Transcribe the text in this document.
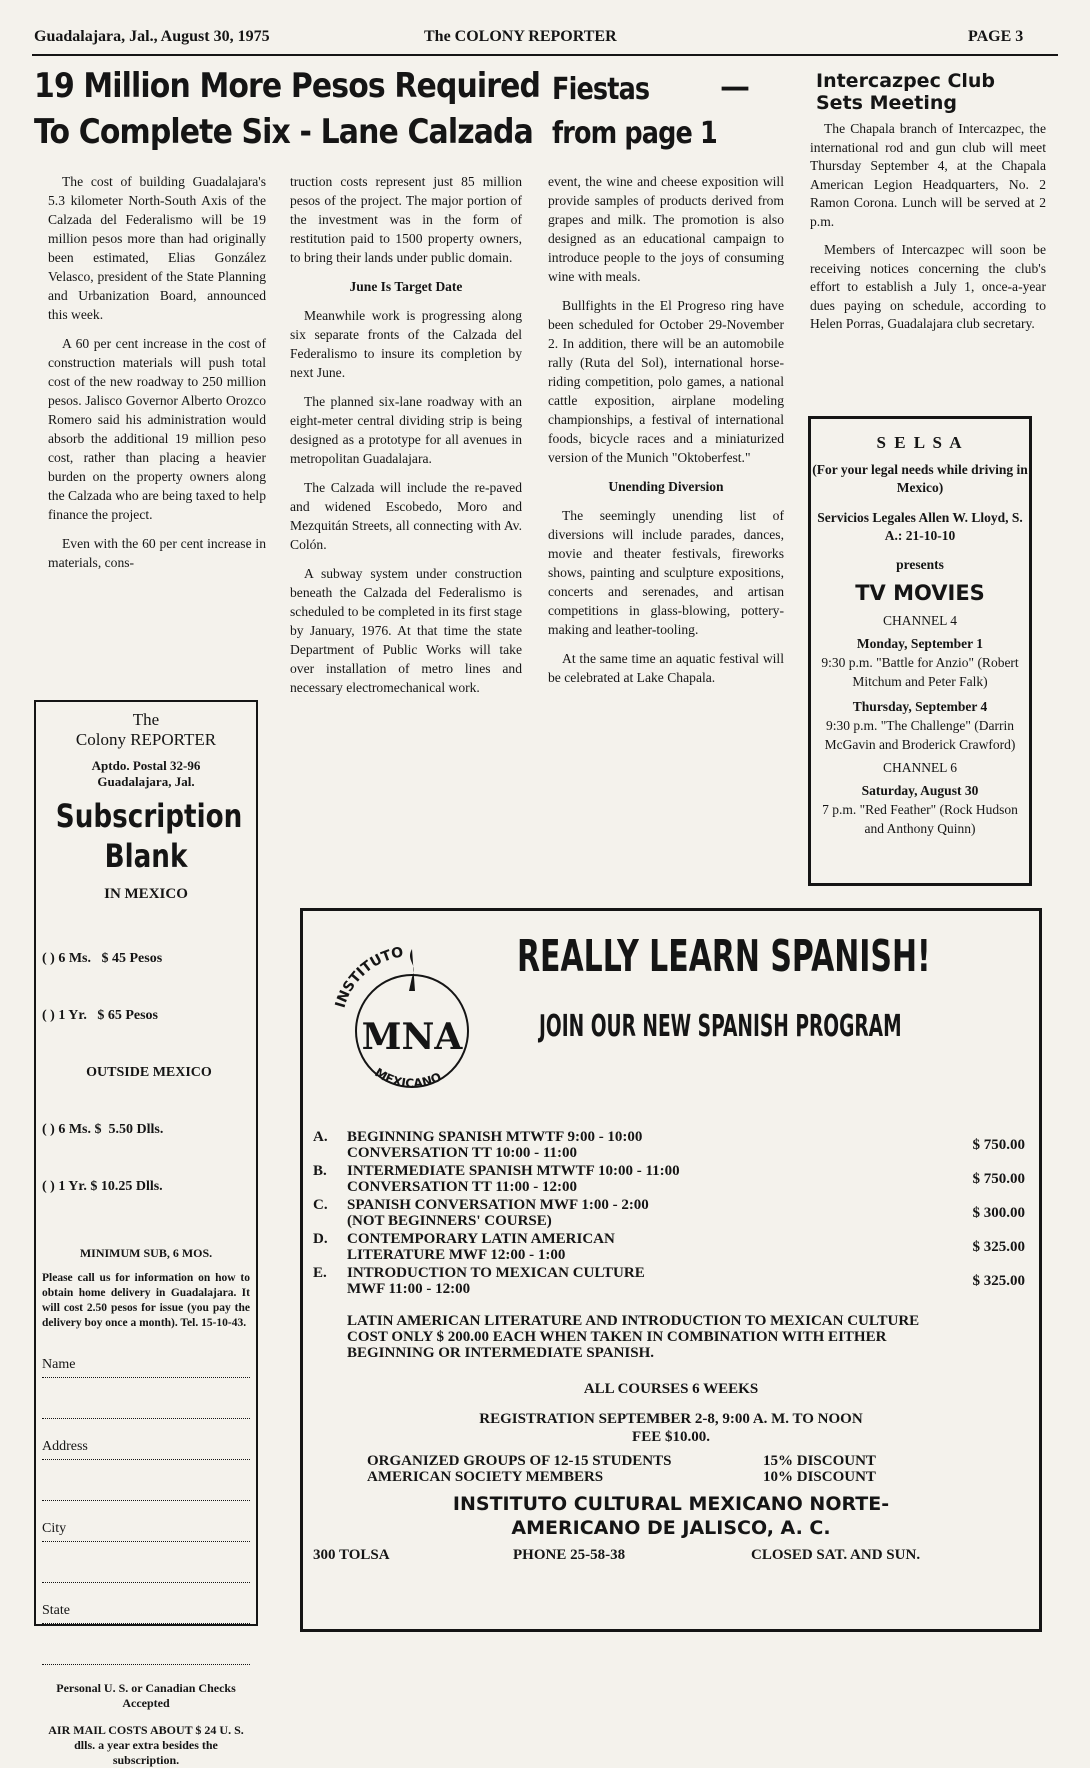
Guadalajara, Jal., August 30, 1975	The COLONY REPORTER	PAGE 3
19 Million More Pesos Required
To Complete Six - Lane Calzada

The cost of building Guadalajara's 5.3 kilometer North-South Axis of the Calzada del Federalismo will be 19 million pesos more than had originally been estimated, Elias González Velasco, president of the State Planning and Urbanization Board, announced this week.

A 60 per cent increase in the cost of construction materials will push total cost of the new roadway to 250 million pesos. Jalisco Governor Alberto Orozco Romero said his administration would absorb the additional 19 million peso cost, rather than placing a heavier burden on the property owners along the Calzada who are being taxed to help finance the project.

Even with the 60 per cent increase in materials, cons-

truction costs represent just 85 million pesos of the project. The major portion of the investment was in the form of restitution paid to 1500 property owners, to bring their lands under public domain.

June Is Target Date

Meanwhile work is progressing along six separate fronts of the Calzada del Federalismo to insure its completion by next June.

The planned six-lane roadway with an eight-meter central dividing strip is being designed as a prototype for all avenues in metropolitan Guadalajara.

The Calzada will include the re-paved and widened Escobedo, Moro and Mezquitán Streets, all connecting with Av. Colón.

A subway system under construction beneath the Calzada del Federalismo is scheduled to be completed in its first stage by January, 1976. At that time the state Department of Public Works will take over installation of metro lines and necessary electromechanical work.

Fiestas —
from page 1

event, the wine and cheese exposition will provide samples of products derived from grapes and milk. The promotion is also designed as an educational campaign to introduce people to the joys of consuming wine with meals.

Bullfights in the El Progreso ring have been scheduled for October 29-November 2. In addition, there will be an automobile rally (Ruta del Sol), international horse-riding competition, polo games, a national cattle exposition, airplane modeling championships, a festival of international foods, bicycle races and a miniaturized version of the Munich "Oktoberfest."

Unending Diversion

The seemingly unending list of diversions will include parades, dances, movie and theater festivals, fireworks shows, painting and sculpture expositions, concerts and serenades, and artisan competitions in glass-blowing, pottery-making and leather-tooling.

At the same time an aquatic festival will be celebrated at Lake Chapala.

Intercazpec Club
Sets Meeting

The Chapala branch of Intercazpec, the international rod and gun club will meet Thursday September 4, at the Chapala American Legion Headquarters, No. 2 Ramon Corona. Lunch will be served at 2 p.m.

Members of Intercazpec will soon be receiving notices concerning the club's effort to establish a July 1, once-a-year dues paying on schedule, according to Helen Porras, Guadalajara club secretary.

S E L S A
(For your legal needs while driving in Mexico)
Servicios Legales Allen W. Lloyd, S. A.: 21-10-10
presents
TV MOVIES
CHANNEL 4
Monday, September 1
9:30 p.m. "Battle for Anzio" (Robert Mitchum and Peter Falk)
Thursday, September 4
9:30 p.m. "The Challenge" (Darrin McGavin and Broderick Crawford)
CHANNEL 6
Saturday, August 30
7 p.m. "Red Feather" (Rock Hudson and Anthony Quinn)
The
Colony REPORTER
Aptdo. Postal 32-96
Guadalajara, Jal.
Subscription
Blank
IN MEXICO

( ) 6 Ms.   $ 45 Pesos

( ) 1 Yr.   $ 65 Pesos

OUTSIDE MEXICO

( ) 6 Ms. $  5.50 Dlls.

( ) 1 Yr. $ 10.25 Dlls.

MINIMUM SUB, 6 MOS.
Please call us for information on how to obtain home delivery in Guadalajara. It will cost 2.50 pesos for issue (you pay the delivery boy once a month). Tel. 15-10-43.
Name
Address
City
State
Personal U. S. or Canadian Checks Accepted
AIR MAIL COSTS ABOUT $ 24 U. S. dlls. a year extra besides the subscription.
INSTITUTO
MEXICANO
MNA
REALLY LEARN SPANISH!
JOIN OUR NEW SPANISH PROGRAM
A.	BEGINNING SPANISH MTWTF 9:00 - 10:00
CONVERSATION TT 10:00 - 11:00	$ 750.00
B.	INTERMEDIATE SPANISH MTWTF 10:00 - 11:00
CONVERSATION TT 11:00 - 12:00	$ 750.00
C.	SPANISH CONVERSATION MWF 1:00 - 2:00
(NOT BEGINNERS' COURSE)	$ 300.00
D.	CONTEMPORARY LATIN AMERICAN
LITERATURE MWF 12:00 - 1:00	$ 325.00
E.	INTRODUCTION TO MEXICAN CULTURE
MWF 11:00 - 12:00	$ 325.00
LATIN AMERICAN LITERATURE AND INTRODUCTION TO MEXICAN CULTURE COST ONLY $ 200.00 EACH WHEN TAKEN IN COMBINATION WITH EITHER BEGINNING OR INTERMEDIATE SPANISH.
ALL COURSES 6 WEEKS
REGISTRATION SEPTEMBER 2-8, 9:00 A. M. TO NOON
FEE $10.00.
ORGANIZED GROUPS OF 12-15 STUDENTS	15% DISCOUNT
AMERICAN SOCIETY MEMBERS	10% DISCOUNT
INSTITUTO CULTURAL MEXICANO NORTE-
AMERICANO DE JALISCO, A. C.
300 TOLSA	PHONE 25-58-38	CLOSED SAT. AND SUN.
